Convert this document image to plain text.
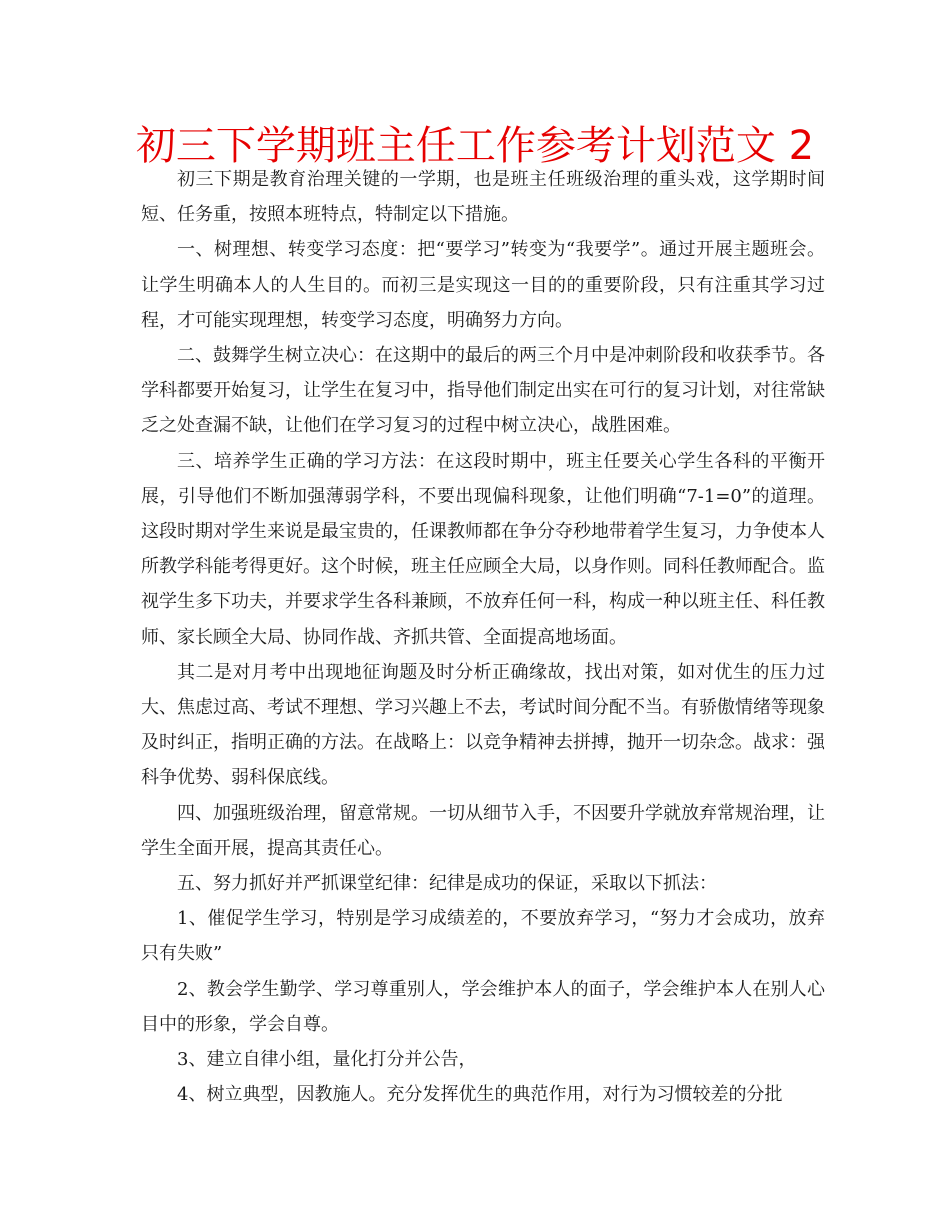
初三下学期班主任工作参考计划范文 2

初三下期是教育治理关键的一学期，也是班主任班级治理的重头戏，这学期时间短、任务重，按照本班特点，特制定以下措施。

一、树理想、转变学习态度：把“要学习”转变为“我要学”。通过开展主题班会。让学生明确本人的人生目的。而初三是实现这一目的的重要阶段，只有注重其学习过程，才可能实现理想，转变学习态度，明确努力方向。

二、鼓舞学生树立决心：在这期中的最后的两三个月中是冲刺阶段和收获季节。各学科都要开始复习，让学生在复习中，指导他们制定出实在可行的复习计划，对往常缺乏之处查漏不缺，让他们在学习复习的过程中树立决心，战胜困难。

三、培养学生正确的学习方法：在这段时期中，班主任要关心学生各科的平衡开展，引导他们不断加强薄弱学科，不要出现偏科现象，让他们明确“7-1=0”的道理。这段时期对学生来说是最宝贵的，任课教师都在争分夺秒地带着学生复习，力争使本人所教学科能考得更好。这个时候，班主任应顾全大局，以身作则。同科任教师配合。监视学生多下功夫，并要求学生各科兼顾，不放弃任何一科，构成一种以班主任、科任教师、家长顾全大局、协同作战、齐抓共管、全面提高地场面。

其二是对月考中出现地征询题及时分析正确缘故，找出对策，如对优生的压力过大、焦虑过高、考试不理想、学习兴趣上不去，考试时间分配不当。有骄傲情绪等现象及时纠正，指明正确的方法。在战略上：以竞争精神去拼搏，抛开一切杂念。战求：强科争优势、弱科保底线。

四、加强班级治理，留意常规。一切从细节入手，不因要升学就放弃常规治理，让学生全面开展，提高其责任心。

五、努力抓好并严抓课堂纪律：纪律是成功的保证，采取以下抓法：

1、催促学生学习，特别是学习成绩差的，不要放弃学习，“努力才会成功，放弃只有失败”

2、教会学生勤学、学习尊重别人，学会维护本人的面子，学会维护本人在别人心目中的形象，学会自尊。

3、建立自律小组，量化打分并公告，

4、树立典型，因教施人。充分发挥优生的典范作用，对行为习惯较差的分批
